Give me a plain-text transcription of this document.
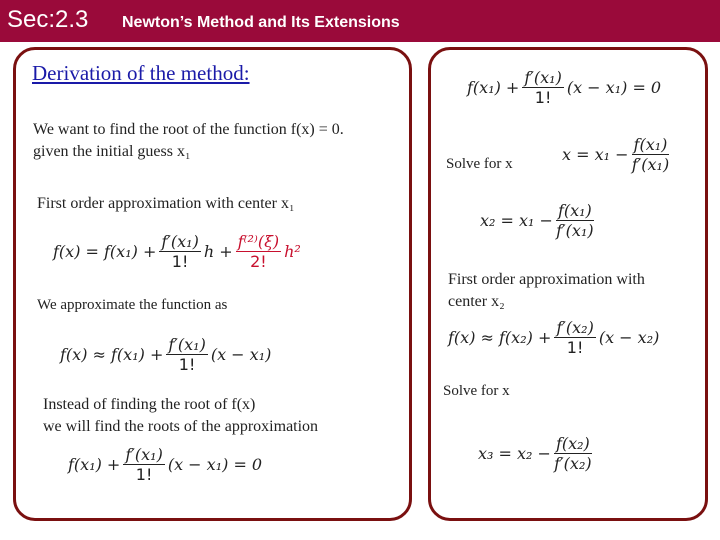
Sec:2.3 Newton’s Method and Its Extensions
Derivation of the method:
We want to find the root of the function f(x) = 0.
given the initial guess x₁
First order approximation with center x₁
$f(x) = f(x_1) + \frac{\text{f′(x₁)}}{1!}$ $h + \frac{\text{f⁽²⁾(ξ)}}{2!} h^2$
We approximate the function as
$f(x) \approx f(x_1) + \frac{\text{f′(x₁)}}{1!} (x - x_1)$
Instead of finding the root of f(x)
we will find the roots of the approximation
$f(x_1) + \frac{\text{f′(x₁)}}{1!} (x - x_1) = 0$
$f(x_1) + \frac{\text{f′(x₁)}}{1!} (x - x_1) = 0$
Solve for x	$x = x_1 - \frac{\text{f(x₁)}}{\text{f′(x₁)}}$
$x_2 = x_1 - \frac{\text{f(x₁)}}{\text{f′(x₁)}}$
First order approximation with
center x₂
$f(x) \approx f(x_2) + \frac{\text{f′(x₂)}}{1!} (x - x_2)$
Solve for x
$x_3 = x_2 - \frac{\text{f(x₂)}}{\text{f′(x₂)}}$
